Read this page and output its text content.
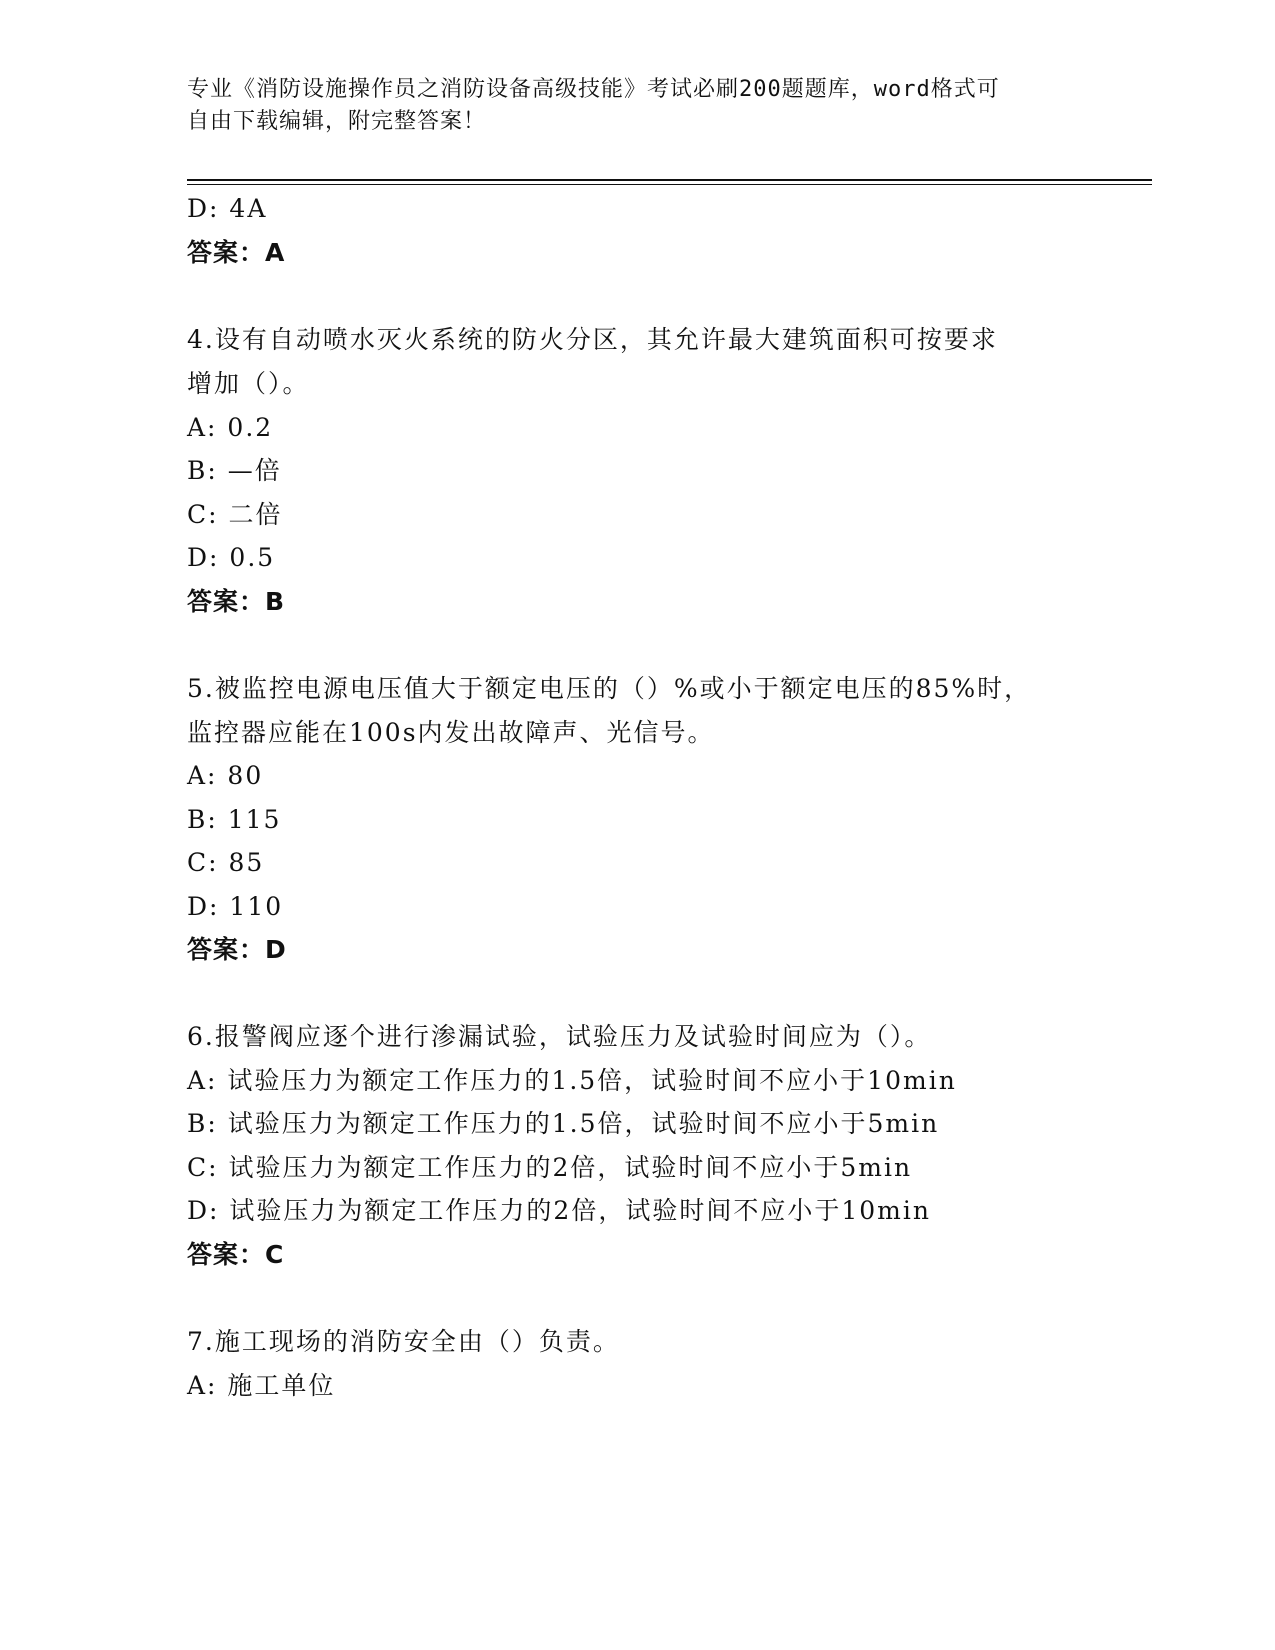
专业《消防设施操作员之消防设备高级技能》考试必刷200题题库，word格式可
自由下载编辑，附完整答案！
D: 4A
答案：A
4.设有自动喷水灭火系统的防火分区，其允许最大建筑面积可按要求
增加（）。
A: 0.2
B: —倍
C: 二倍
D: 0.5
答案：B
5.被监控电源电压值大于额定电压的（）%或小于额定电压的85%时，
监控器应能在100s内发出故障声、光信号。
A: 80
B: 115
C: 85
D: 110
答案：D
6.报警阀应逐个进行渗漏试验，试验压力及试验时间应为（）。
A: 试验压力为额定工作压力的1.5倍，试验时间不应小于10min
B: 试验压力为额定工作压力的1.5倍，试验时间不应小于5min
C: 试验压力为额定工作压力的2倍，试验时间不应小于5min
D: 试验压力为额定工作压力的2倍，试验时间不应小于10min
答案：C
7.施工现场的消防安全由（）负责。
A: 施工单位
